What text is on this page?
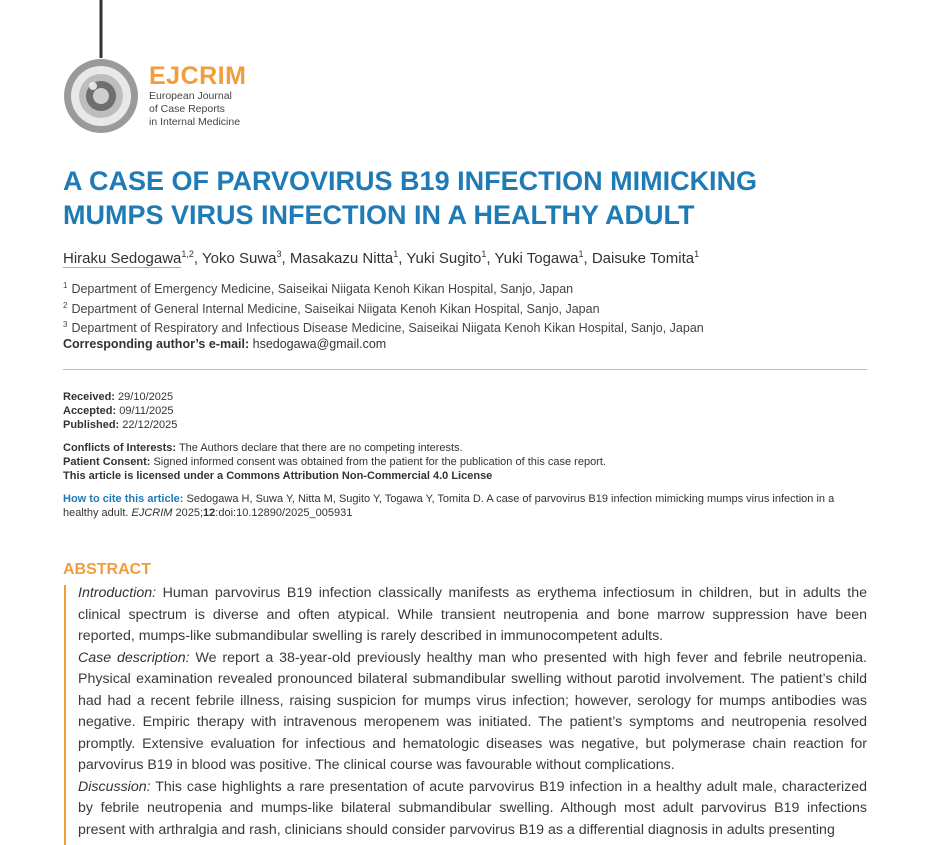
EJCRIM
European Journal
of Case Reports
in Internal Medicine
A CASE OF PARVOVIRUS B19 INFECTION MIMICKING
MUMPS VIRUS INFECTION IN A HEALTHY ADULT
Hiraku Sedogawa$^{1,2}$, Yoko Suwa$^3$, Masakazu Nitta$^1$, Yuki Sugito$^1$, Yuki Togawa$^1$, Daisuke Tomita$^1$
$^1$ Department of Emergency Medicine, Saiseikai Niigata Kenoh Kikan Hospital, Sanjo, Japan
$^2$ Department of General Internal Medicine, Saiseikai Niigata Kenoh Kikan Hospital, Sanjo, Japan
$^3$ Department of Respiratory and Infectious Disease Medicine, Saiseikai Niigata Kenoh Kikan Hospital, Sanjo, Japan
Corresponding author’s e-mail: hsedogawa@gmail.com
Received: 29/10/2025
Accepted: 09/11/2025
Published: 22/12/2025
Conflicts of Interests: The Authors declare that there are no competing interests.
Patient Consent: Signed informed consent was obtained from the patient for the publication of this case report.
This article is licensed under a Commons Attribution Non-Commercial 4.0 License
How to cite this article: Sedogawa H, Suwa Y, Nitta M, Sugito Y, Togawa Y, Tomita D. A case of parvovirus B19 infection mimicking mumps virus infection in a healthy adult. EJCRIM 2025;12:doi:10.12890/2025_005931
ABSTRACT

Introduction: Human parvovirus B19 infection classically manifests as erythema infectiosum in children, but in adults the clinical spectrum is diverse and often atypical. While transient neutropenia and bone marrow suppression have been reported, mumps-like submandibular swelling is rarely described in immunocompetent adults.

Case description: We report a 38-year-old previously healthy man who presented with high fever and febrile neutropenia. Physical examination revealed pronounced bilateral submandibular swelling without parotid involvement. The patient’s child had had a recent febrile illness, raising suspicion for mumps virus infection; however, serology for mumps antibodies was negative. Empiric therapy with intravenous meropenem was initiated. The patient’s symptoms and neutropenia resolved promptly. Extensive evaluation for infectious and hematologic diseases was negative, but polymerase chain reaction for parvovirus B19 in blood was positive. The clinical course was favourable without complications.

Discussion: This case highlights a rare presentation of acute parvovirus B19 infection in a healthy adult male, characterized by febrile neutropenia and mumps-like bilateral submandibular swelling. Although most adult parvovirus B19 infections present with arthralgia and rash, clinicians should consider parvovirus B19 as a differential diagnosis in adults presenting
